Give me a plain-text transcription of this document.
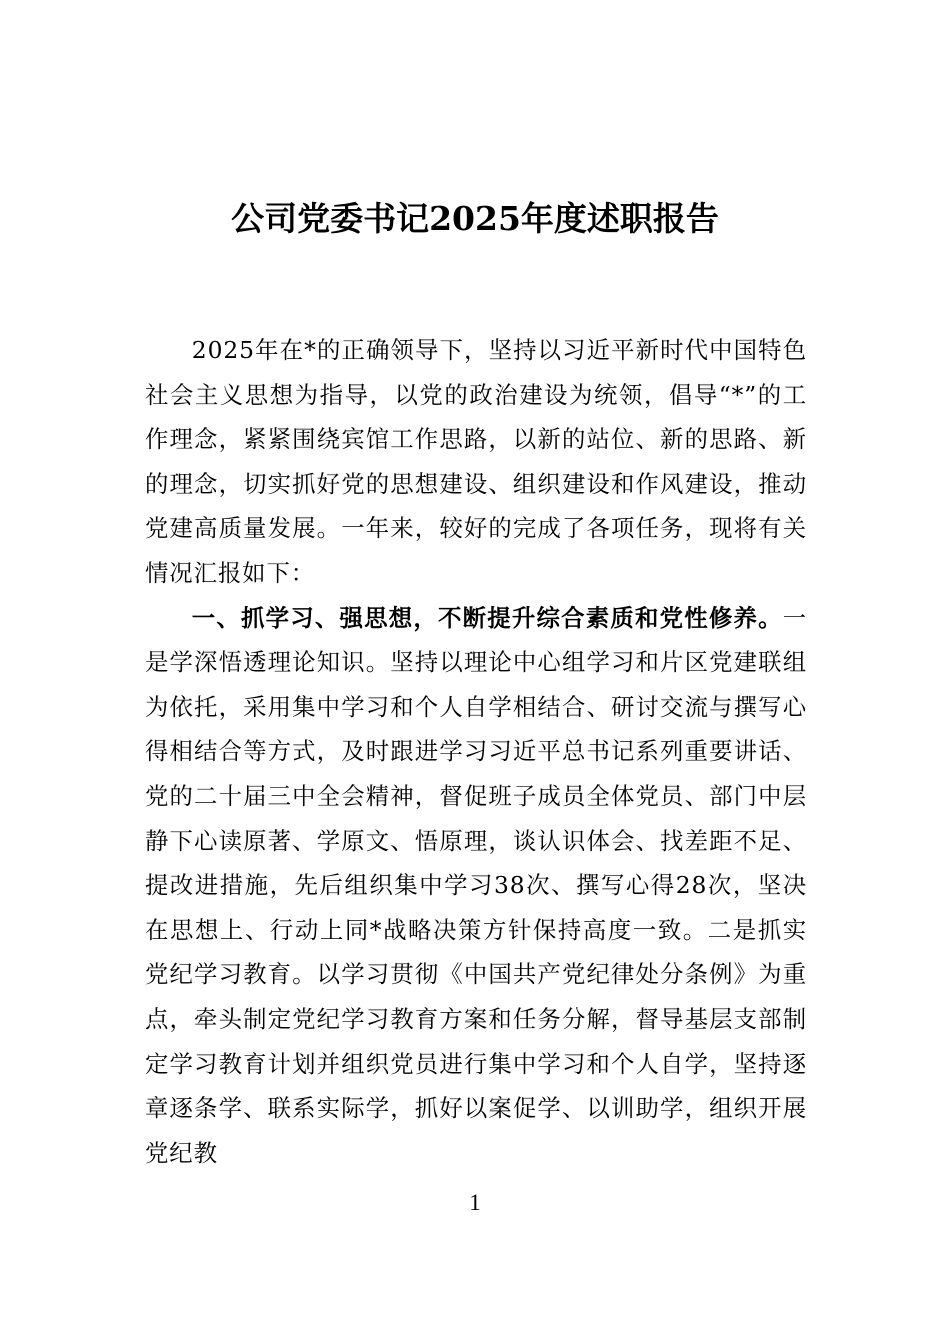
公司党委书记2025年度述职报告

2025年在*的正确领导下，坚持以习近平新时代中国特色社会主义思想为指导，以党的政治建设为统领，倡导“*”的工作理念，紧紧围绕宾馆工作思路，以新的站位、新的思路、新的理念，切实抓好党的思想建设、组织建设和作风建设，推动党建高质量发展。一年来，较好的完成了各项任务，现将有关情况汇报如下：

一、抓学习、强思想，不断提升综合素质和党性修养。一是学深悟透理论知识。坚持以理论中心组学习和片区党建联组为依托，采用集中学习和个人自学相结合、研讨交流与撰写心得相结合等方式，及时跟进学习习近平总书记系列重要讲话、党的二十届三中全会精神，督促班子成员全体党员、部门中层静下心读原著、学原文、悟原理，谈认识体会、找差距不足、提改进措施，先后组织集中学习38次、撰写心得28次，坚决在思想上、行动上同*战略决策方针保持高度一致。二是抓实党纪学习教育。以学习贯彻《中国共产党纪律处分条例》为重点，牵头制定党纪学习教育方案和任务分解，督导基层支部制定学习教育计划并组织党员进行集中学习和个人自学，坚持逐章逐条学、联系实际学，抓好以案促学、以训助学，组织开展党纪教

1
